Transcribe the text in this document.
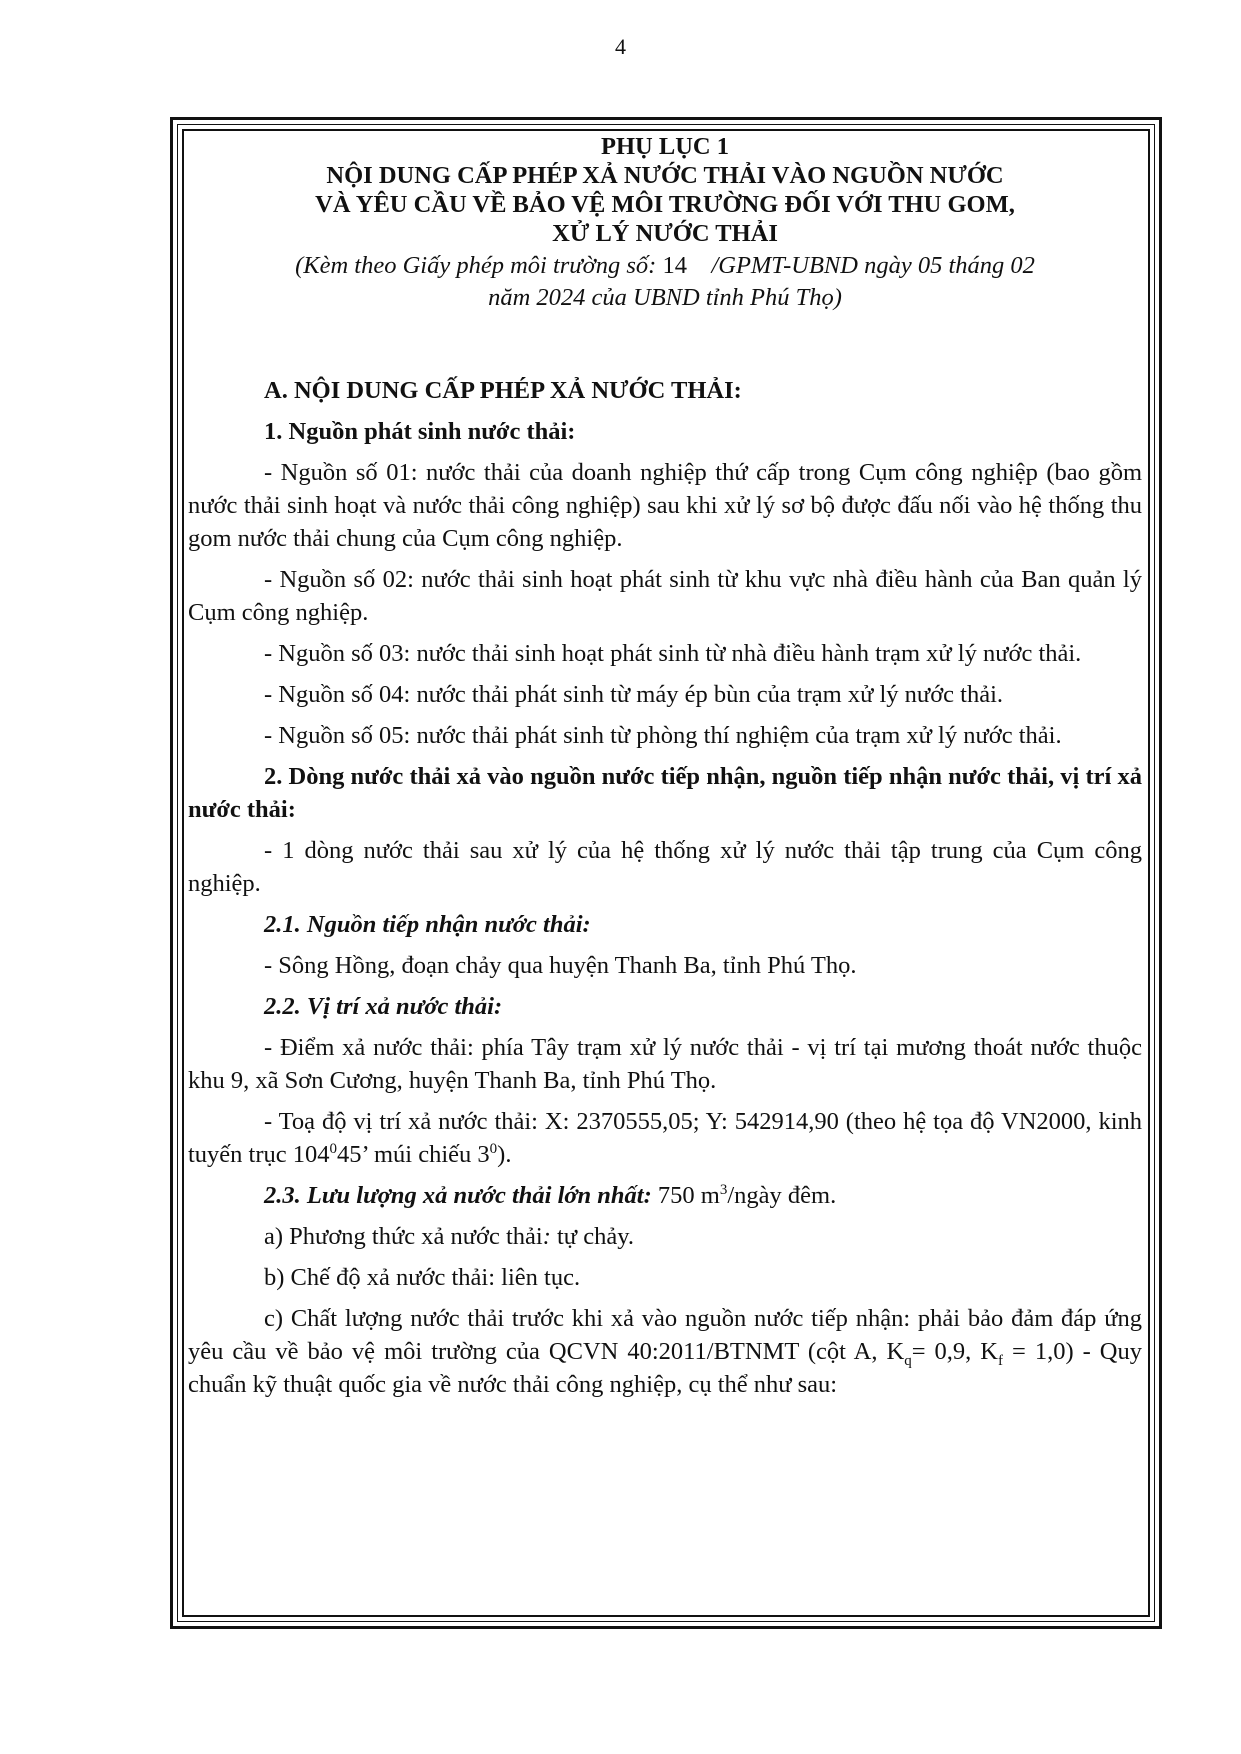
4
PHỤ LỤC 1
NỘI DUNG CẤP PHÉP XẢ NƯỚC THẢI VÀO NGUỒN NƯỚC
VÀ YÊU CẦU VỀ BẢO VỆ MÔI TRƯỜNG ĐỐI VỚI THU GOM,
XỬ LÝ NƯỚC THẢI
(Kèm theo Giấy phép môi trường số: 14    /GPMT-UBND ngày 05 tháng 02
năm 2024 của UBND tỉnh Phú Thọ)

A. NỘI DUNG CẤP PHÉP XẢ NƯỚC THẢI:

1. Nguồn phát sinh nước thải:

- Nguồn số 01: nước thải của doanh nghiệp thứ cấp trong Cụm công nghiệp (bao gồm nước thải sinh hoạt và nước thải công nghiệp) sau khi xử lý sơ bộ được đấu nối vào hệ thống thu gom nước thải chung của Cụm công nghiệp.

- Nguồn số 02: nước thải sinh hoạt phát sinh từ khu vực nhà điều hành của Ban quản lý Cụm công nghiệp.

- Nguồn số 03: nước thải sinh hoạt phát sinh từ nhà điều hành trạm xử lý nước thải.

- Nguồn số 04: nước thải phát sinh từ máy ép bùn của trạm xử lý nước thải.

- Nguồn số 05: nước thải phát sinh từ phòng thí nghiệm của trạm xử lý nước thải.

2. Dòng nước thải xả vào nguồn nước tiếp nhận, nguồn tiếp nhận nước thải, vị trí xả nước thải:

- 1 dòng nước thải sau xử lý của hệ thống xử lý nước thải tập trung của Cụm công nghiệp.

2.1. Nguồn tiếp nhận nước thải:

- Sông Hồng, đoạn chảy qua huyện Thanh Ba, tỉnh Phú Thọ.

2.2. Vị trí xả nước thải:

- Điểm xả nước thải: phía Tây trạm xử lý nước thải - vị trí tại mương thoát nước thuộc khu 9, xã Sơn Cương, huyện Thanh Ba, tỉnh Phú Thọ.

- Toạ độ vị trí xả nước thải: X: 2370555,05; Y: 542914,90 (theo hệ tọa độ VN2000, kinh tuyến trục $104^045$’ múi chiếu $3^0$).

2.3. Lưu lượng xả nước thải lớn nhất: 750 $m^3$/ngày đêm.

a) Phương thức xả nước thải: tự chảy.

b) Chế độ xả nước thải: liên tục.

c) Chất lượng nước thải trước khi xả vào nguồn nước tiếp nhận: phải bảo đảm đáp ứng yêu cầu về bảo vệ môi trường của QCVN 40:2011/BTNMT (cột A, $K_q= 0,9$, $K_f = 1,0$) - Quy chuẩn kỹ thuật quốc gia về nước thải công nghiệp, cụ thể như sau:
